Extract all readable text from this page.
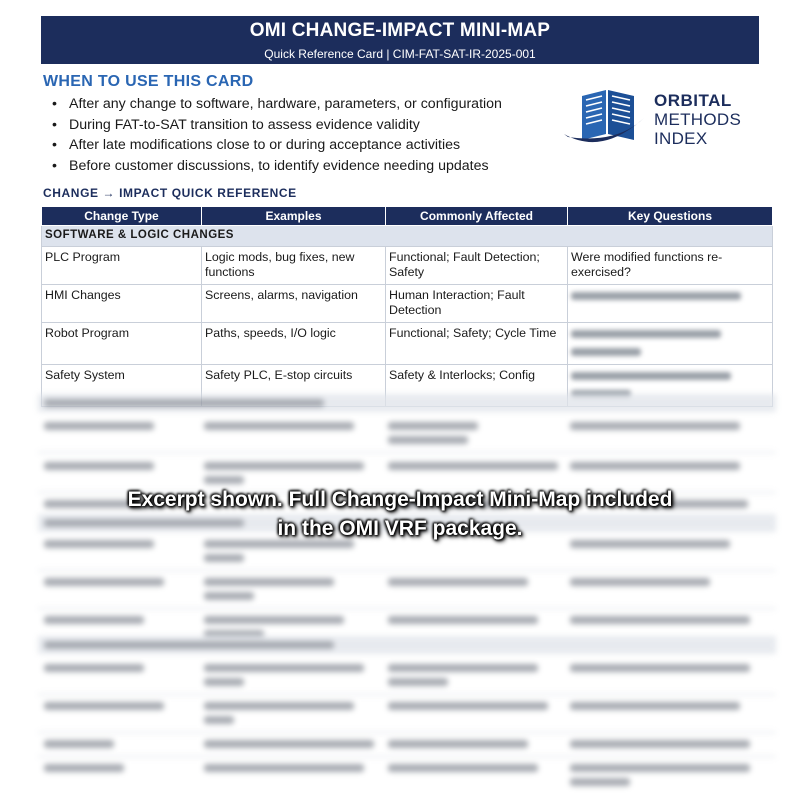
OMI CHANGE-IMPACT MINI-MAP
Quick Reference Card | CIM-FAT-SAT-IR-2025-001
WHEN TO USE THIS CARD
• After any change to software, hardware, parameters, or configuration
• During FAT-to-SAT transition to assess evidence validity
• After late modifications close to or during acceptance activities
• Before customer discussions, to identify evidence needing updates
ORBITAL
METHODS
INDEX
CHANGE → IMPACT QUICK REFERENCE
Change Type	Examples	Commonly Affected	Key Questions
SOFTWARE & LOGIC CHANGES			
PLC Program	Logic mods, bug fixes, new functions	Functional; Fault Detection; Safety	Were modified functions re-exercised?
HMI Changes	Screens, alarms, navigation	Human Interaction; Fault Detection	
Robot Program	Paths, speeds, I/O logic	Functional; Safety; Cycle Time	

Safety System	Safety PLC, E-stop circuits	Safety & Interlocks; Config	

Excerpt shown. Full Change-Impact Mini-Map included
in the OMI VRF package.
